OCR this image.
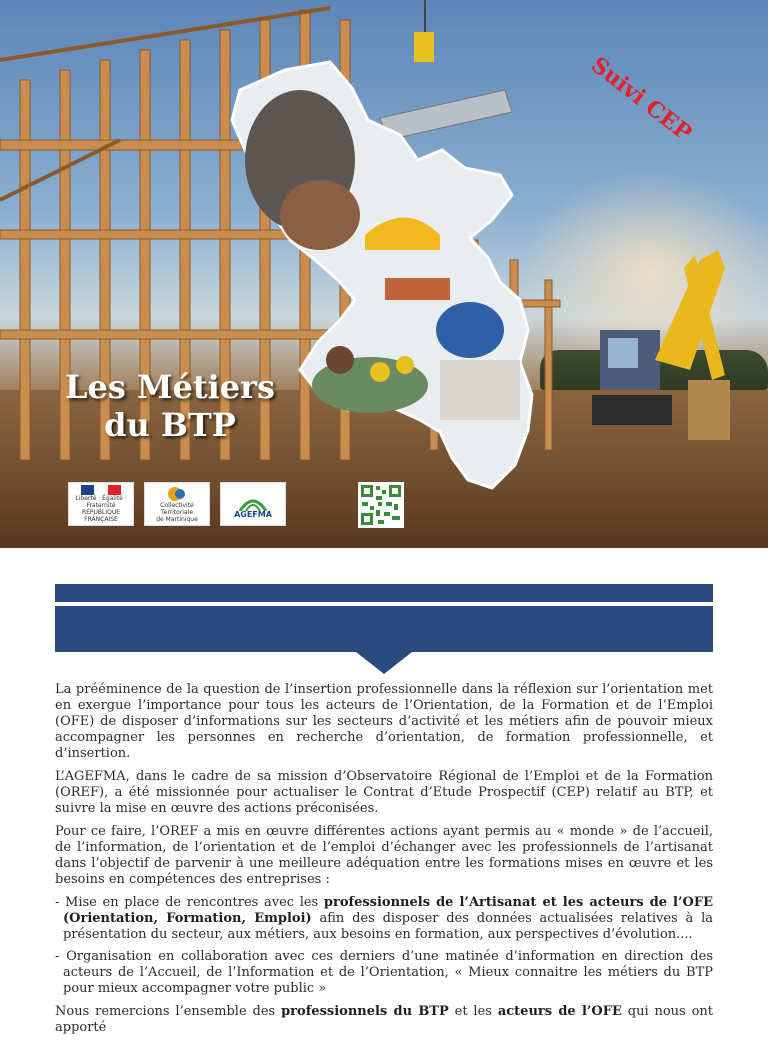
Les Métiers
du BTP
Suivi CEP
Liberté · Égalité · Fraternité
RÉPUBLIQUE FRANÇAISE
Collectivité Territoriale
de Martinique
AGEFMA

La prééminence de la question de l’insertion professionnelle dans la réflexion sur l’orientation met en exergue l’importance pour tous les acteurs de l’Orientation, de la Formation et de l’Emploi (OFE) de disposer d’informations sur les secteurs d’activité et les métiers afin de pouvoir mieux accompagner les personnes en recherche d’orientation, de formation professionnelle, et d’insertion.

L’AGEFMA, dans le cadre de sa mission d’Observatoire Régional de l’Emploi et de la Formation (OREF), a été missionnée pour actualiser le Contrat d’Etude Prospectif (CEP) relatif au BTP, et suivre la mise en œuvre des actions préconisées.

Pour ce faire, l’OREF a mis en œuvre différentes actions ayant permis au « monde » de l’accueil, de l’information, de l’orientation et de l’emploi d’échanger avec les professionnels de l’artisanat dans l’objectif de parvenir à une meilleure adéquation entre les formations mises en œuvre et les besoins en compétences des entreprises :

- Mise en place de rencontres avec les professionnels de l’Artisanat et les acteurs de l’OFE (Orientation, Formation, Emploi) afin des disposer des données actualisées relatives à la présentation du secteur, aux métiers, aux besoins en formation, aux perspectives d’évolution....
- Organisation en collaboration avec ces derniers d’une matinée d’information en direction des acteurs de l’Accueil, de l’Information et de l’Orientation, « Mieux connaitre les métiers du BTP pour mieux accompagner votre public »

Nous remercions l’ensemble des professionnels du BTP et les acteurs de l’OFE qui nous ont apporté
